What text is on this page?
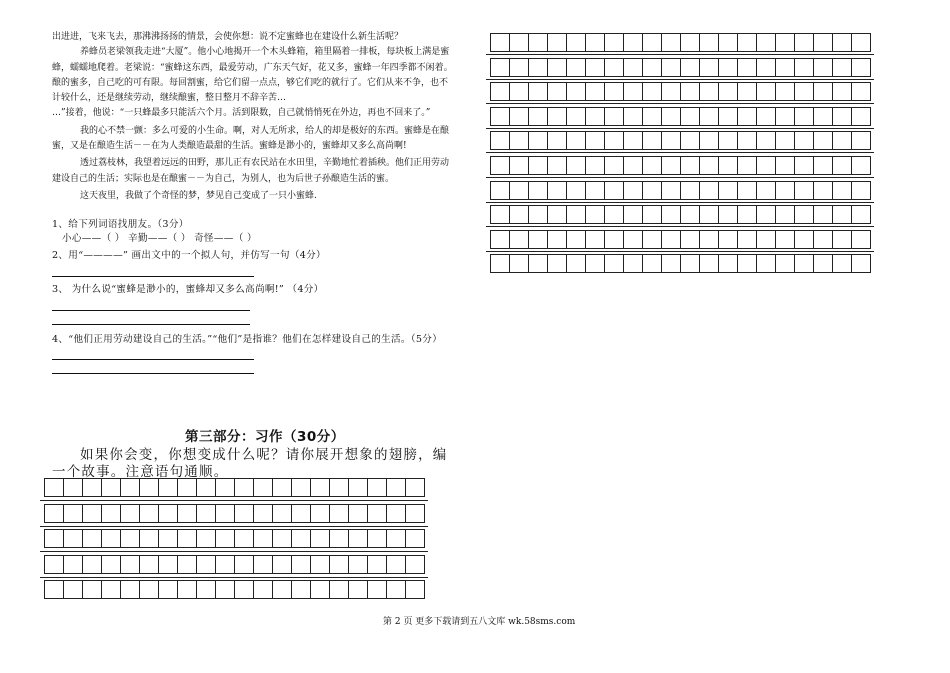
出进进，飞来飞去，那沸沸扬扬的情景，会使你想：说不定蜜蜂也在建设什么新生活呢？

养蜂员老梁领我走进“大厦”。他小心地揭开一个木头蜂箱，箱里隔着一排板，每块板上满是蜜蜂，蠕蠕地爬着。老梁说：“蜜蜂这东西，最爱劳动，广东天气好，花又多，蜜蜂一年四季都不闲着。酿的蜜多，自己吃的可有限。每回割蜜，给它们留一点点，够它们吃的就行了。它们从来不争，也不计较什么，还是继续劳动，继续酿蜜，整日整月不辞辛苦…

…”接着，他说：“一只蜂最多只能活六个月。活到限数，自己就悄悄死在外边，再也不回来了。”

我的心不禁一颤：多么可爱的小生命。啊，对人无所求，给人的却是极好的东西。蜜蜂是在酿蜜，又是在酿造生活－－在为人类酿造最甜的生活。蜜蜂是渺小的，蜜蜂却又多么高尚啊!

透过荔枝林，我望着远远的田野，那儿正有农民站在水田里，辛勤地忙着插秧。他们正用劳动建设自己的生活；实际也是在酿蜜－－为自己，为别人，也为后世子孙酿造生活的蜜。

这天夜里，我做了个奇怪的梦，梦见自己变成了一只小蜜蜂.

1、给下列词语找朋友。（3分）

小心——（ ） 辛勤——（ ） 奇怪——（ ）

2、用“————” 画出文中的一个拟人句，并仿写一句（4分）

3、 为什么说“蜜蜂是渺小的，蜜蜂却又多么高尚啊!” （4分）

4、“他们正用劳动建设自己的生活。”“他们”是指谁？他们在怎样建设自己的生活。（5分）

第三部分：习作（30分）

如果你会变，你想变成什么呢？请你展开想象的翅膀，编一个故事。注意语句通顺。

第 2 页 更多下载请到五八文库 wk.58sms.com
